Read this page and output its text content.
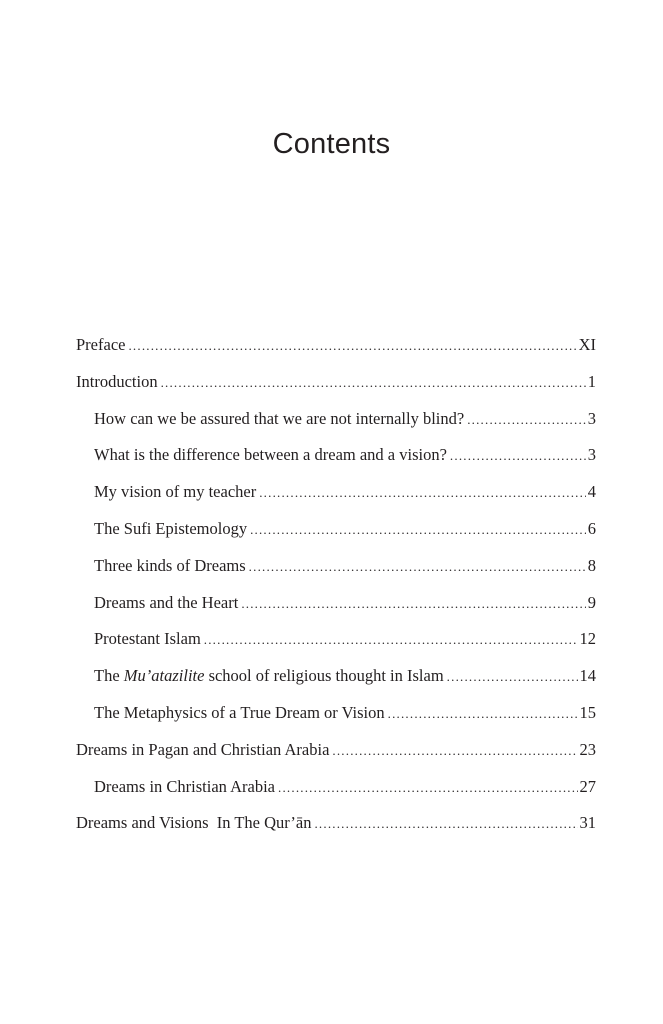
Contents
Preface .....	XI
Introduction .....	1
How can we be assured that we are not internally blind? .....	3
What is the difference between a dream and a vision? .....	3
My vision of my teacher .....	4
The Sufi Epistemology .....	6
Three kinds of Dreams .....	8
Dreams and the Heart .....	9
Protestant Islam .....	12
The Mu’atazilite school of religious thought in Islam .....	14
The Metaphysics of a True Dream or Vision .....	15
Dreams in Pagan and Christian Arabia .....	23
Dreams in Christian Arabia .....	27
Dreams and Visions  In The Qur’ān .....	31
